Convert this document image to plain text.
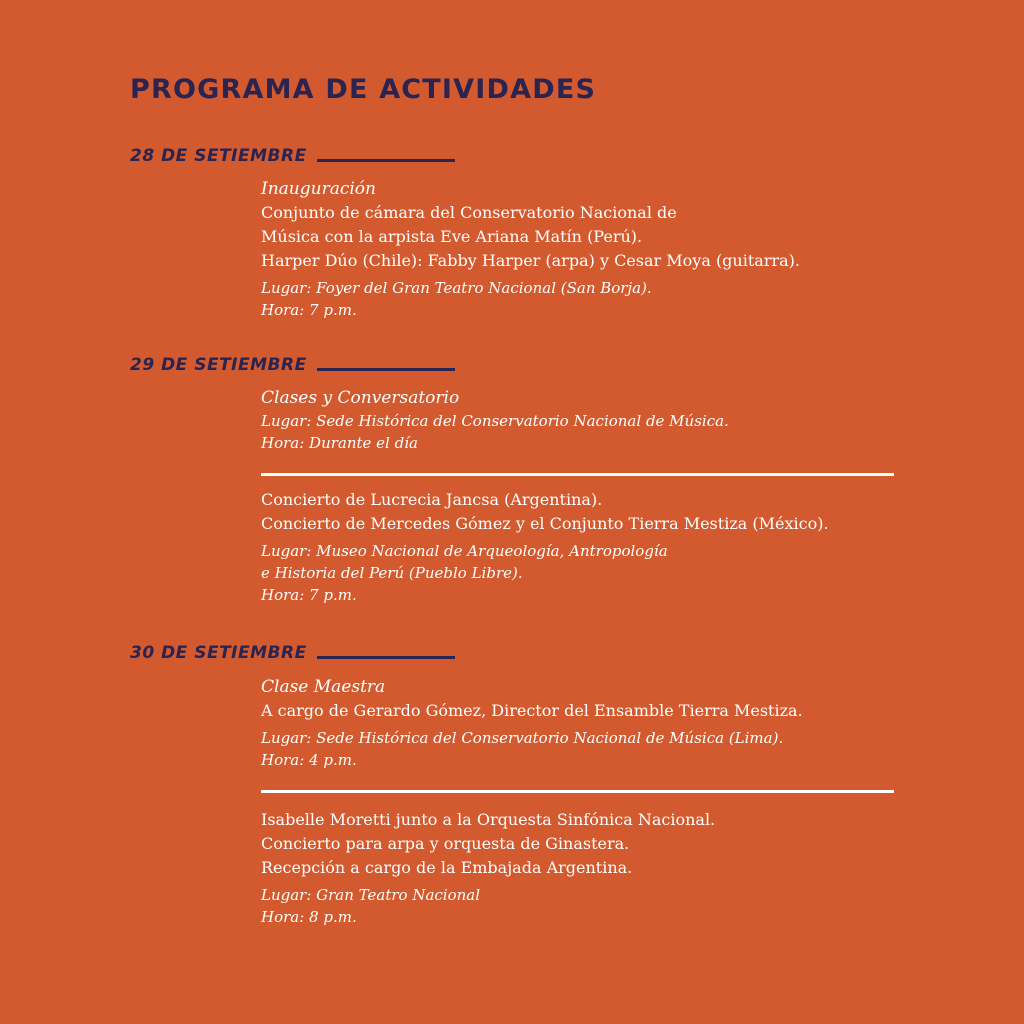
PROGRAMA DE ACTIVIDADES
28 DE SETIEMBRE
Inauguración
Conjunto de cámara del Conservatorio Nacional de
Música con la arpista Eve Ariana Matín (Perú).
Harper Dúo (Chile): Fabby Harper (arpa) y Cesar Moya (guitarra).
Lugar: Foyer del Gran Teatro Nacional (San Borja).
Hora: 7 p.m.
29 DE SETIEMBRE
Clases y Conversatorio
Lugar: Sede Histórica del Conservatorio Nacional de Música.
Hora: Durante el día
Concierto de Lucrecia Jancsa (Argentina).
Concierto de Mercedes Gómez y el Conjunto Tierra Mestiza (México).
Lugar: Museo Nacional de Arqueología, Antropología
e Historia del Perú (Pueblo Libre).
Hora: 7 p.m.
30 DE SETIEMBRE
Clase Maestra
A cargo de Gerardo Gómez, Director del Ensamble Tierra Mestiza.
Lugar: Sede Histórica del Conservatorio Nacional de Música (Lima).
Hora: 4 p.m.
Isabelle Moretti junto a la Orquesta Sinfónica Nacional.
Concierto para arpa y orquesta de Ginastera.
Recepción a cargo de la Embajada Argentina.
Lugar: Gran Teatro Nacional
Hora: 8 p.m.
